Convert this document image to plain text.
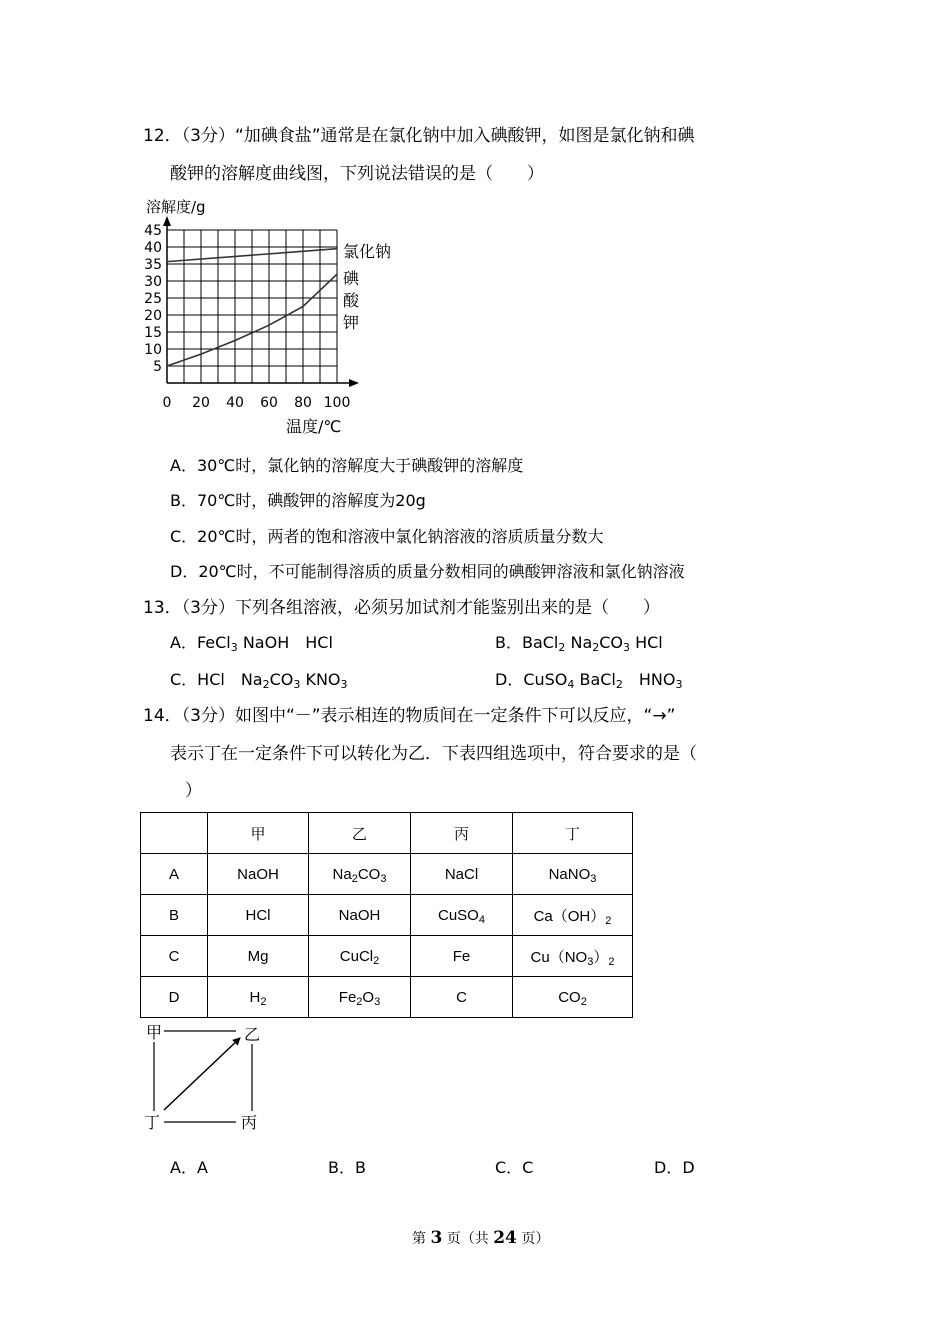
12．（3分）“加碘食盐”通常是在氯化钠中加入碘酸钾，如图是氯化钠和碘
酸钾的溶解度曲线图，下列说法错误的是（　　）
0 20 40 60 80 100
5
10
15
20
25
30
35
40
45
溶解度/g
温度/℃
氯化钠
碘
酸
钾
A．30℃时，氯化钠的溶解度大于碘酸钾的溶解度
B．70℃时，碘酸钾的溶解度为20g
C．20℃时，两者的饱和溶液中氯化钠溶液的溶质质量分数大
D．20℃时，不可能制得溶质的质量分数相同的碘酸钾溶液和氯化钠溶液
13．（3分）下列各组溶液，必须另加试剂才能鉴别出来的是（　　）
A．FeCl$_3$ NaOH　HCl	B．BaCl$_2$ $Na_2CO_3$ HCl
C．HCl　$Na_2CO_3$ $KNO_3$	D．CuSO$_4$ BaCl$_2$　$HNO_3$
14．（3分）如图中“－”表示相连的物质间在一定条件下可以反应，“→”
表示丁在一定条件下可以转化为乙．下表四组选项中，符合要求的是（
）
	甲	乙	丙	丁
A	NaOH	$Na_2CO_3$	NaCl	NaNO$_3$
B	HCl	NaOH	CuSO$_4$	$Ca(OH)_2$
C	Mg	CuCl$_2$	Fe	$Cu(NO_3)_2$
D	$H_2$	$Fe_2O_3$	C	$CO_2$
甲	乙
丁	丙
A．A	B．B	C．C	D．D
第 3 页（共 24 页）
